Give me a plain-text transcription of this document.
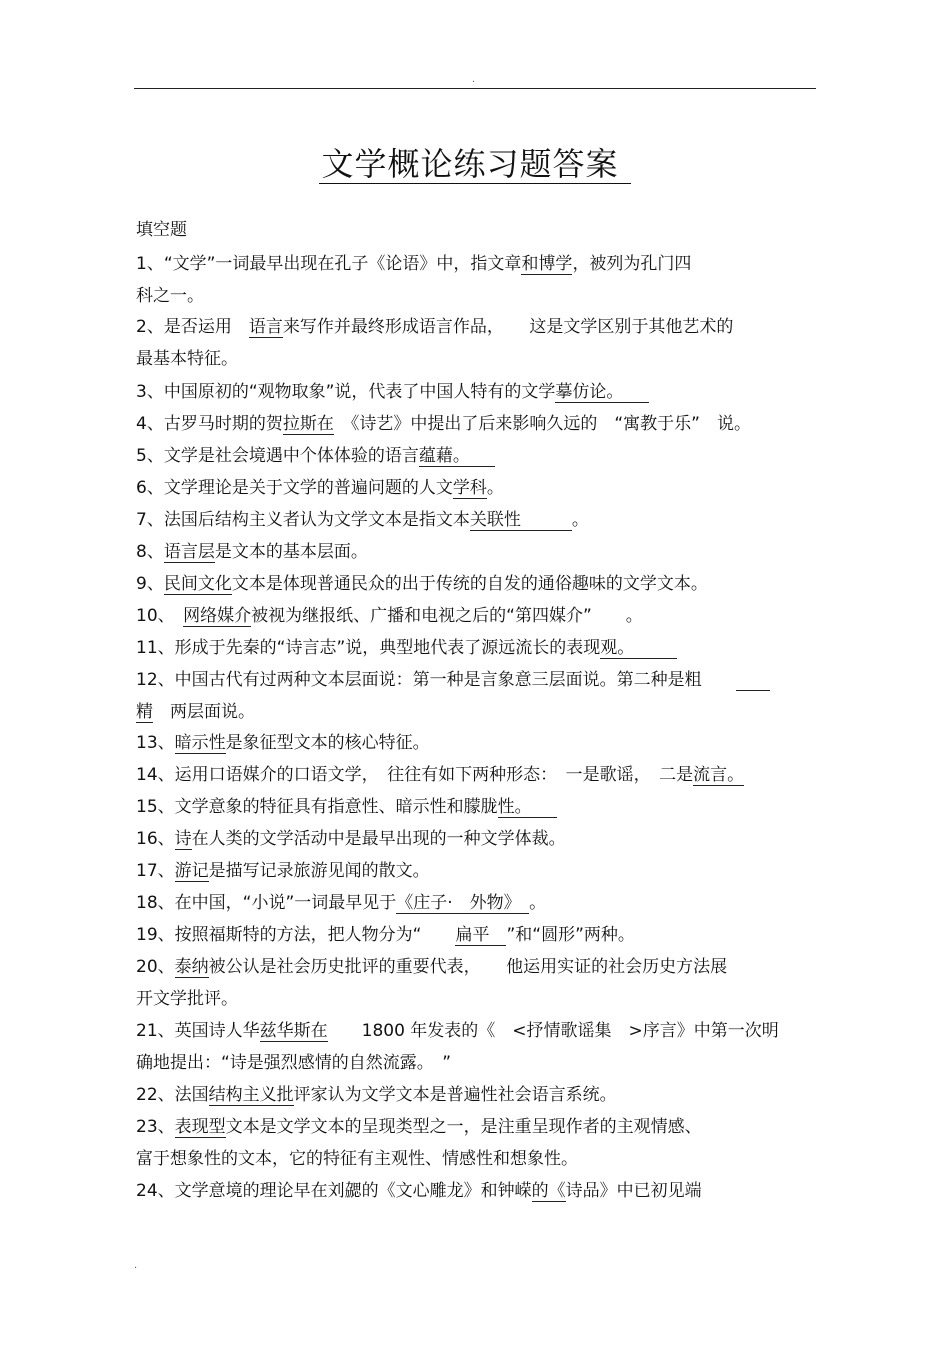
.
文学概论练习题答案
填空题
1、“文学”一词最早出现在孔子《论语》中，指文章和博学，被列为孔门四
科之一。
2、是否运用　语言来写作并最终形成语言作品，　　这是文学区别于其他艺术的
最基本特征。
3、中国原初的“观物取象”说，代表了中国人特有的文学摹仿论。　　
4、古罗马时期的贺拉斯在　《诗艺》中提出了后来影响久远的　“寓教于乐”　说。
5、文学是社会境遇中个体体验的语言蕴藉。　　
6、文学理论是关于文学的普遍问题的人文学科。
7、法国后结构主义者认为文学文本是指文本关联性　　　。
8、语言层是文本的基本层面。
9、民间文化文本是体现普通民众的出于传统的自发的通俗趣味的文学文本。
10、　网络媒介被视为继报纸、广播和电视之后的“第四媒介”　　。
11、形成于先秦的“诗言志”说，典型地代表了源远流长的表现观。　　　
12、中国古代有过两种文本层面说：第一种是言象意三层面说。第二种是粗　　　　
精　两层面说。
13、暗示性是象征型文本的核心特征。
14、运用口语媒介的口语文学，　往往有如下两种形态：　一是歌谣，　二是流言。
15、文学意象的特征具有指意性、暗示性和朦胧性。　　
16、诗在人类的文学活动中是最早出现的一种文学体裁。
17、游记是描写记录旅游见闻的散文。
18、在中国，“小说”一词最早见于《庄子·　外物》　。
19、按照福斯特的方法，把人物分为“　　扁平　”和“圆形”两种。
20、泰纳被公认是社会历史批评的重要代表，　　他运用实证的社会历史方法展
开文学批评。
21、英国诗人华兹华斯在　　1800 年发表的《　<抒情歌谣集　>序言》中第一次明
确地提出：“诗是强烈感情的自然流露。　”
22、法国结构主义批评家认为文学文本是普遍性社会语言系统。
23、表现型文本是文学文本的呈现类型之一，是注重呈现作者的主观情感、
富于想象性的文本，它的特征有主观性、情感性和想象性。
24、文学意境的理论早在刘勰的《文心雕龙》和钟嵘的《诗品》中已初见端
.
